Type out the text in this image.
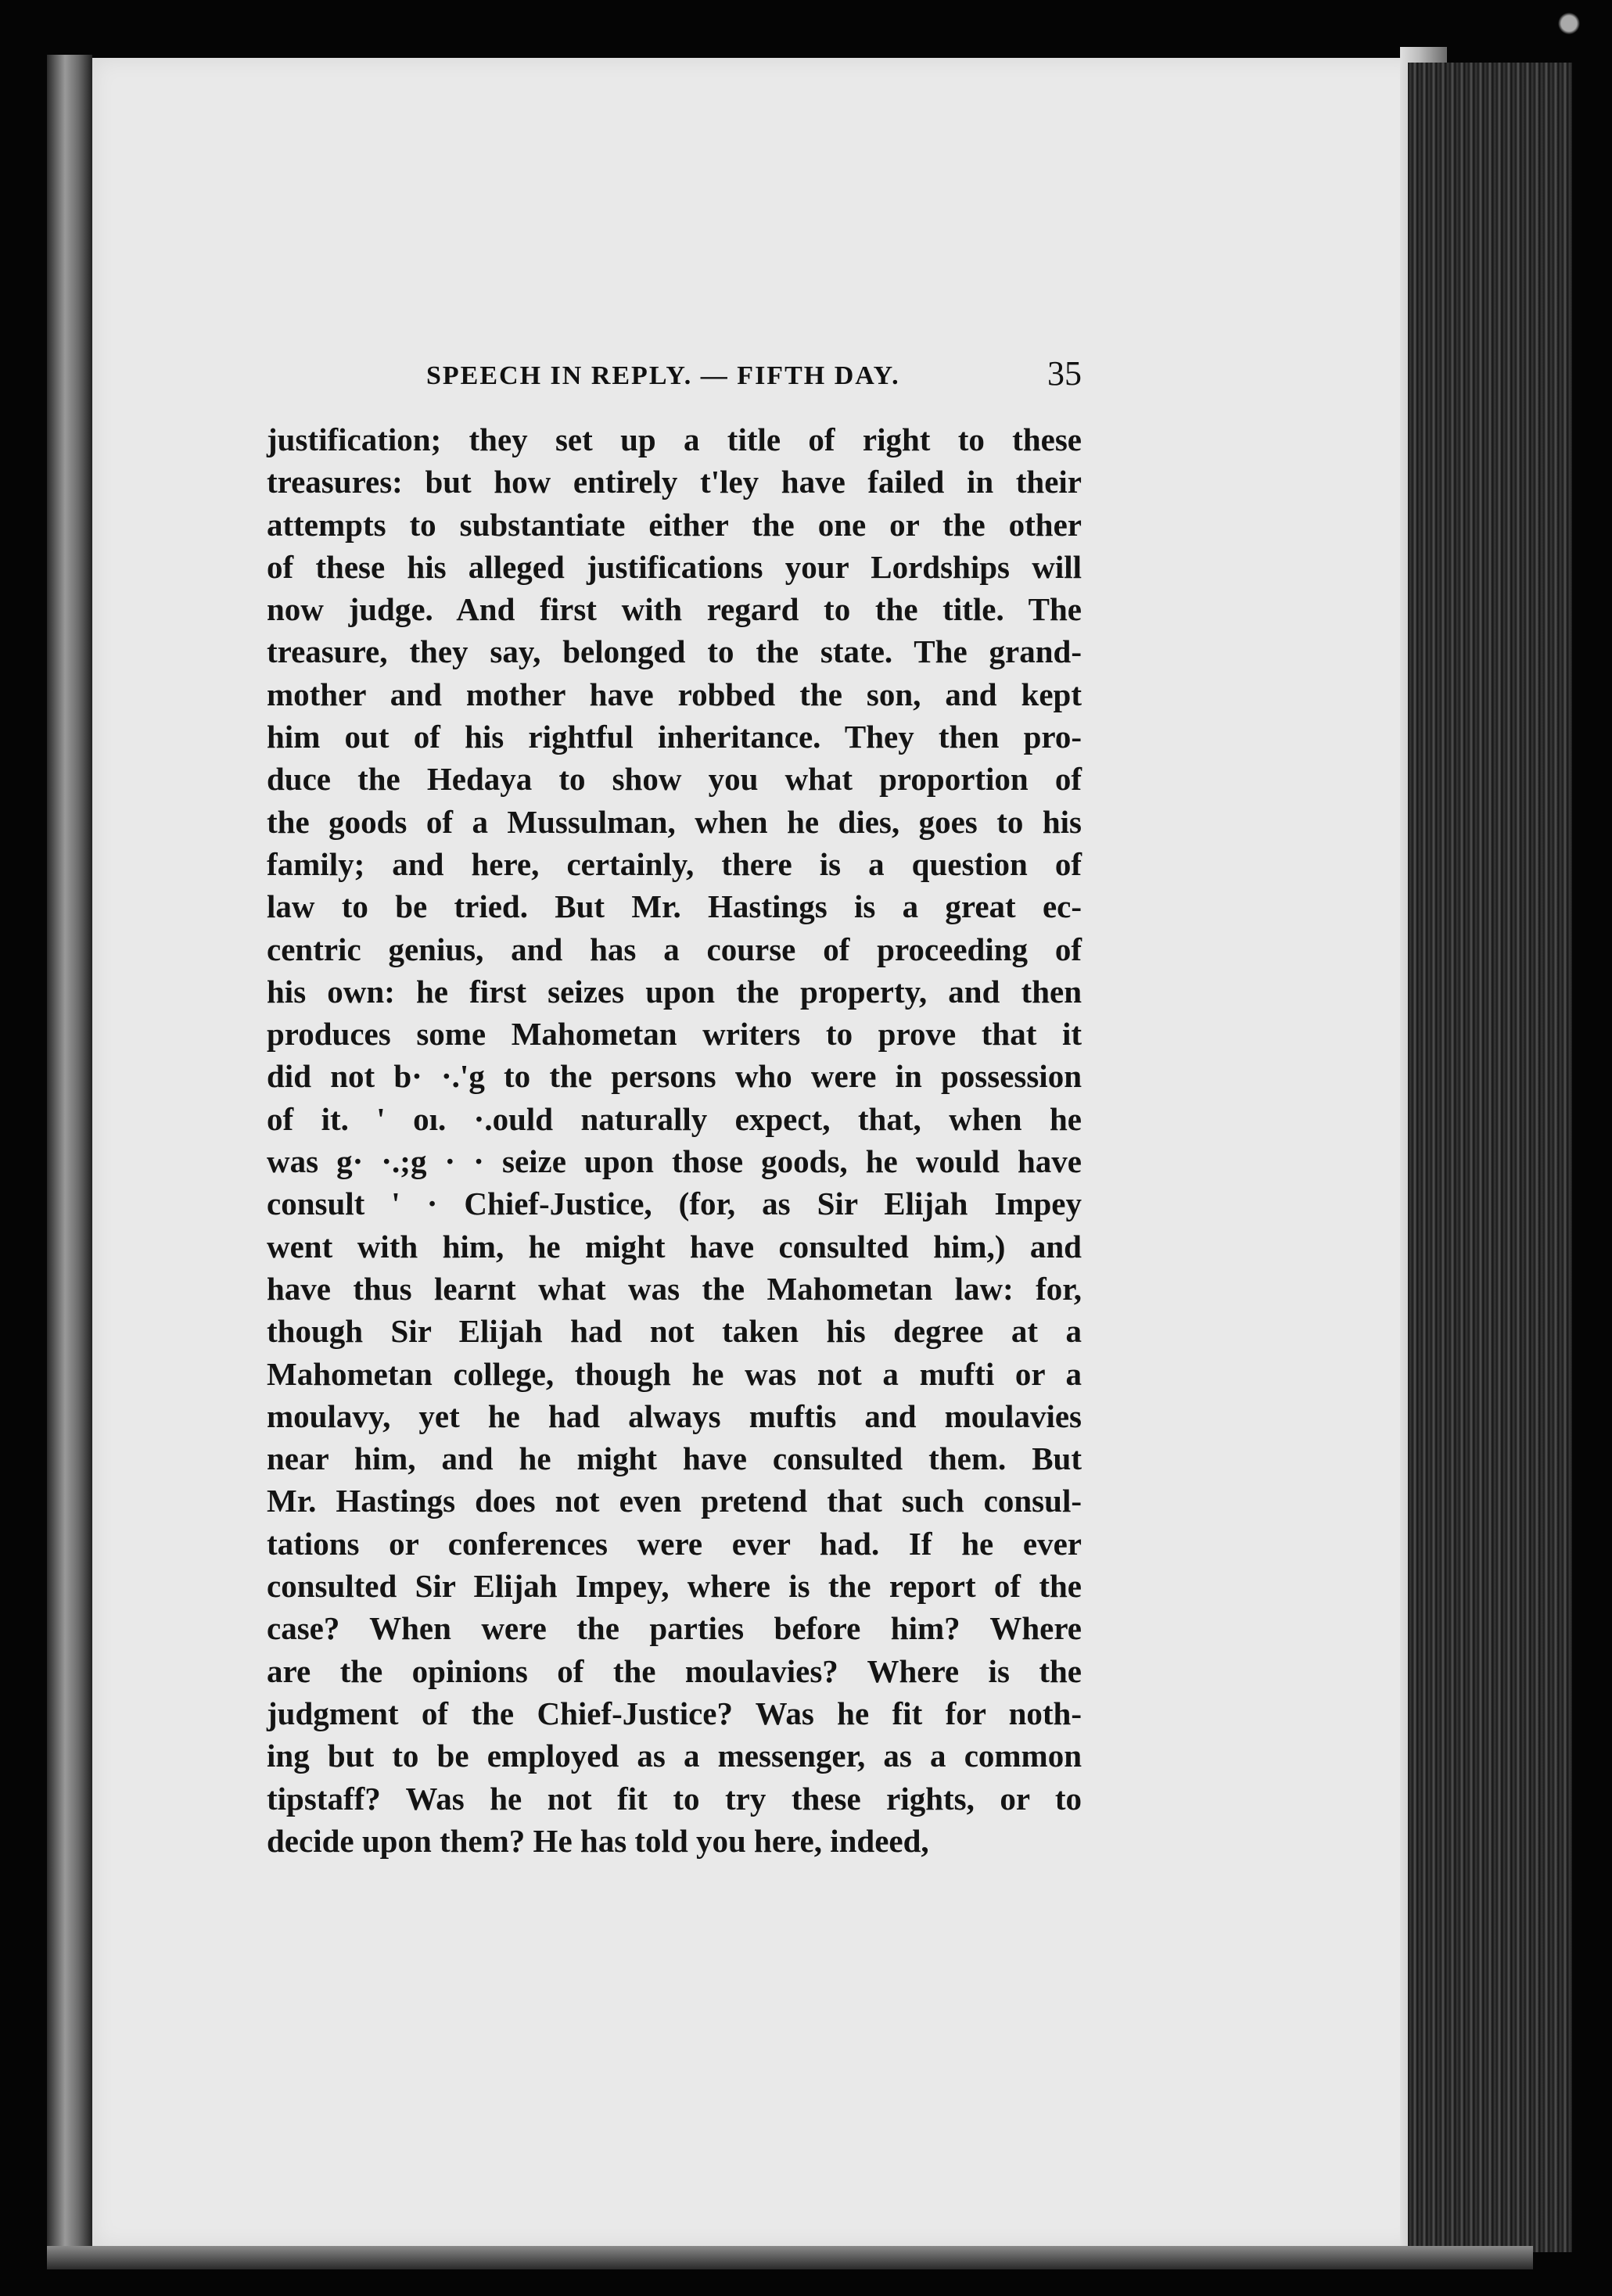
SPEECH IN REPLY. — FIFTH DAY.	35
justification; they set up a title of right to these
treasures: but how entirely t'ley have failed in their
attempts to substantiate either the one or the other
of these his alleged justifications your Lordships will
now judge. And first with regard to the title. The
treasure, they say, belonged to the state. The grand-
mother and mother have robbed the son, and kept
him out of his rightful inheritance. They then pro-
duce the Hedaya to show you what proportion of
the goods of a Mussulman, when he dies, goes to his
family; and here, certainly, there is a question of
law to be tried. But Mr. Hastings is a great ec-
centric genius, and has a course of proceeding of
his own: he first seizes upon the property, and then
produces some Mahometan writers to prove that it
did not b· ·.'g to the persons who were in possession
of it. ' oı. ·.ould naturally expect, that, when he
was g· ·.;g · · seize upon those goods, he would have
consult ' · Chief-Justice, (for, as Sir Elijah Impey
went with him, he might have consulted him,) and
have thus learnt what was the Mahometan law: for,
though Sir Elijah had not taken his degree at a
Mahometan college, though he was not a mufti or a
moulavy, yet he had always muftis and moulavies
near him, and he might have consulted them. But
Mr. Hastings does not even pretend that such consul-
tations or conferences were ever had. If he ever
consulted Sir Elijah Impey, where is the report of the
case? When were the parties before him? Where
are the opinions of the moulavies? Where is the
judgment of the Chief-Justice? Was he fit for noth-
ing but to be employed as a messenger, as a common
tipstaff? Was he not fit to try these rights, or to
decide upon them? He has told you here, indeed,
